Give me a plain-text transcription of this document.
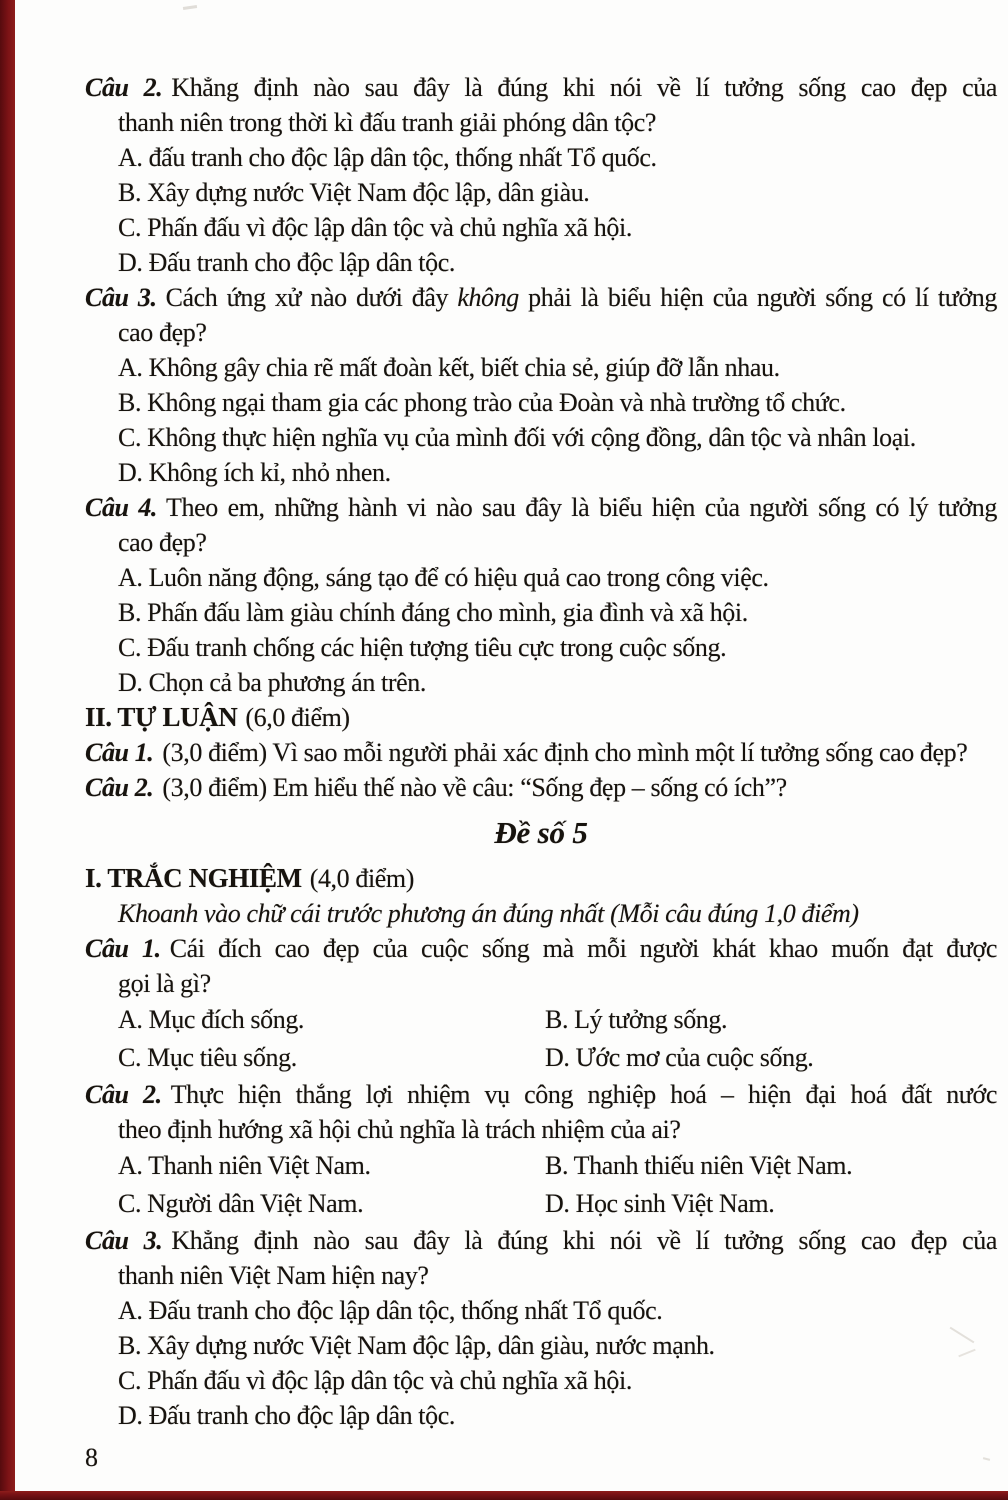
Câu 2. Khẳng định nào sau đây là đúng khi nói về lí tưởng sống cao đẹp của
thanh niên trong thời kì đấu tranh giải phóng dân tộc?
A. đấu tranh cho độc lập dân tộc, thống nhất Tổ quốc.
B. Xây dựng nước Việt Nam độc lập, dân giàu.
C. Phấn đấu vì độc lập dân tộc và chủ nghĩa xã hội.
D. Đấu tranh cho độc lập dân tộc.
Câu 3. Cách ứng xử nào dưới đây không phải là biểu hiện của người sống có lí tưởng
cao đẹp?
A. Không gây chia rẽ mất đoàn kết, biết chia sẻ, giúp đỡ lẫn nhau.
B. Không ngại tham gia các phong trào của Đoàn và nhà trường tổ chức.
C. Không thực hiện nghĩa vụ của mình đối với cộng đồng, dân tộc và nhân loại.
D. Không ích kỉ, nhỏ nhen.
Câu 4. Theo em, những hành vi nào sau đây là biểu hiện của người sống có lý tưởng
cao đẹp?
A. Luôn năng động, sáng tạo để có hiệu quả cao trong công việc.
B. Phấn đấu làm giàu chính đáng cho mình, gia đình và xã hội.
C. Đấu tranh chống các hiện tượng tiêu cực trong cuộc sống.
D. Chọn cả ba phương án trên.
II. TỰ LUẬN (6,0 điểm)
Câu 1. (3,0 điểm) Vì sao mỗi người phải xác định cho mình một lí tưởng sống cao đẹp?
Câu 2. (3,0 điểm) Em hiểu thế nào về câu: “Sống đẹp – sống có ích”?
Đề số 5
I. TRẮC NGHIỆM (4,0 điểm)
Khoanh vào chữ cái trước phương án đúng nhất (Mỗi câu đúng 1,0 điểm)
Câu 1. Cái đích cao đẹp của cuộc sống mà mỗi người khát khao muốn đạt được
gọi là gì?
A. Mục đích sống.	B. Lý tưởng sống.
C. Mục tiêu sống.	D. Ước mơ của cuộc sống.
Câu 2. Thực hiện thắng lợi nhiệm vụ công nghiệp hoá – hiện đại hoá đất nước
theo định hướng xã hội chủ nghĩa là trách nhiệm của ai?
A. Thanh niên Việt Nam.	B. Thanh thiếu niên Việt Nam.
C. Người dân Việt Nam.	D. Học sinh Việt Nam.
Câu 3. Khẳng định nào sau đây là đúng khi nói về lí tưởng sống cao đẹp của
thanh niên Việt Nam hiện nay?
A. Đấu tranh cho độc lập dân tộc, thống nhất Tổ quốc.
B. Xây dựng nước Việt Nam độc lập, dân giàu, nước mạnh.
C. Phấn đấu vì độc lập dân tộc và chủ nghĩa xã hội.
D. Đấu tranh cho độc lập dân tộc.
8
